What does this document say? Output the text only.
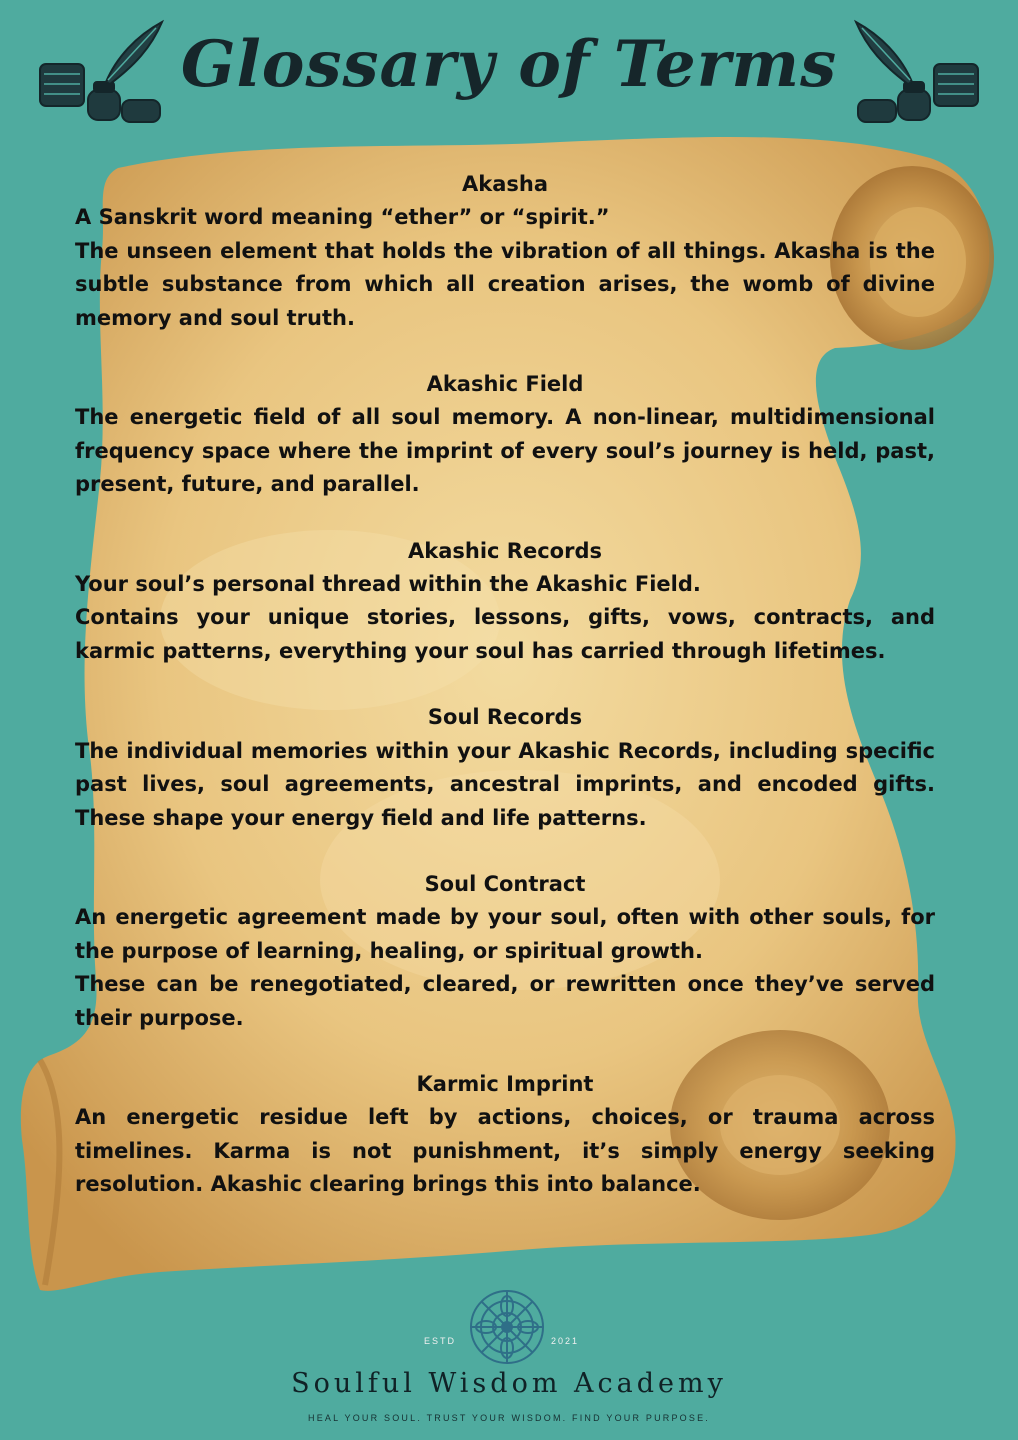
Glossary of Terms

Akasha

A Sanskrit word meaning “ether” or “spirit.”

The unseen element that holds the vibration of all things. Akasha is the subtle substance from which all creation arises, the womb of divine memory and soul truth.

Akashic Field

The energetic field of all soul memory. A non-linear, multidimensional frequency space where the imprint of every soul’s journey is held, past, present, future, and parallel.

Akashic Records

Your soul’s personal thread within the Akashic Field.

Contains your unique stories, lessons, gifts, vows, contracts, and karmic patterns, everything your soul has carried through lifetimes.

Soul Records

The individual memories within your Akashic Records, including specific past lives, soul agreements, ancestral imprints, and encoded gifts. These shape your energy field and life patterns.

Soul Contract

An energetic agreement made by your soul, often with other souls, for the purpose of learning, healing, or spiritual growth.

These can be renegotiated, cleared, or rewritten once they’ve served their purpose.

Karmic Imprint

An energetic residue left by actions, choices, or trauma across timelines. Karma is not punishment, it’s simply energy seeking resolution. Akashic clearing brings this into balance.

ESTD	2021
Soulful Wisdom Academy
HEAL YOUR SOUL. TRUST YOUR WISDOM. FIND YOUR PURPOSE.
